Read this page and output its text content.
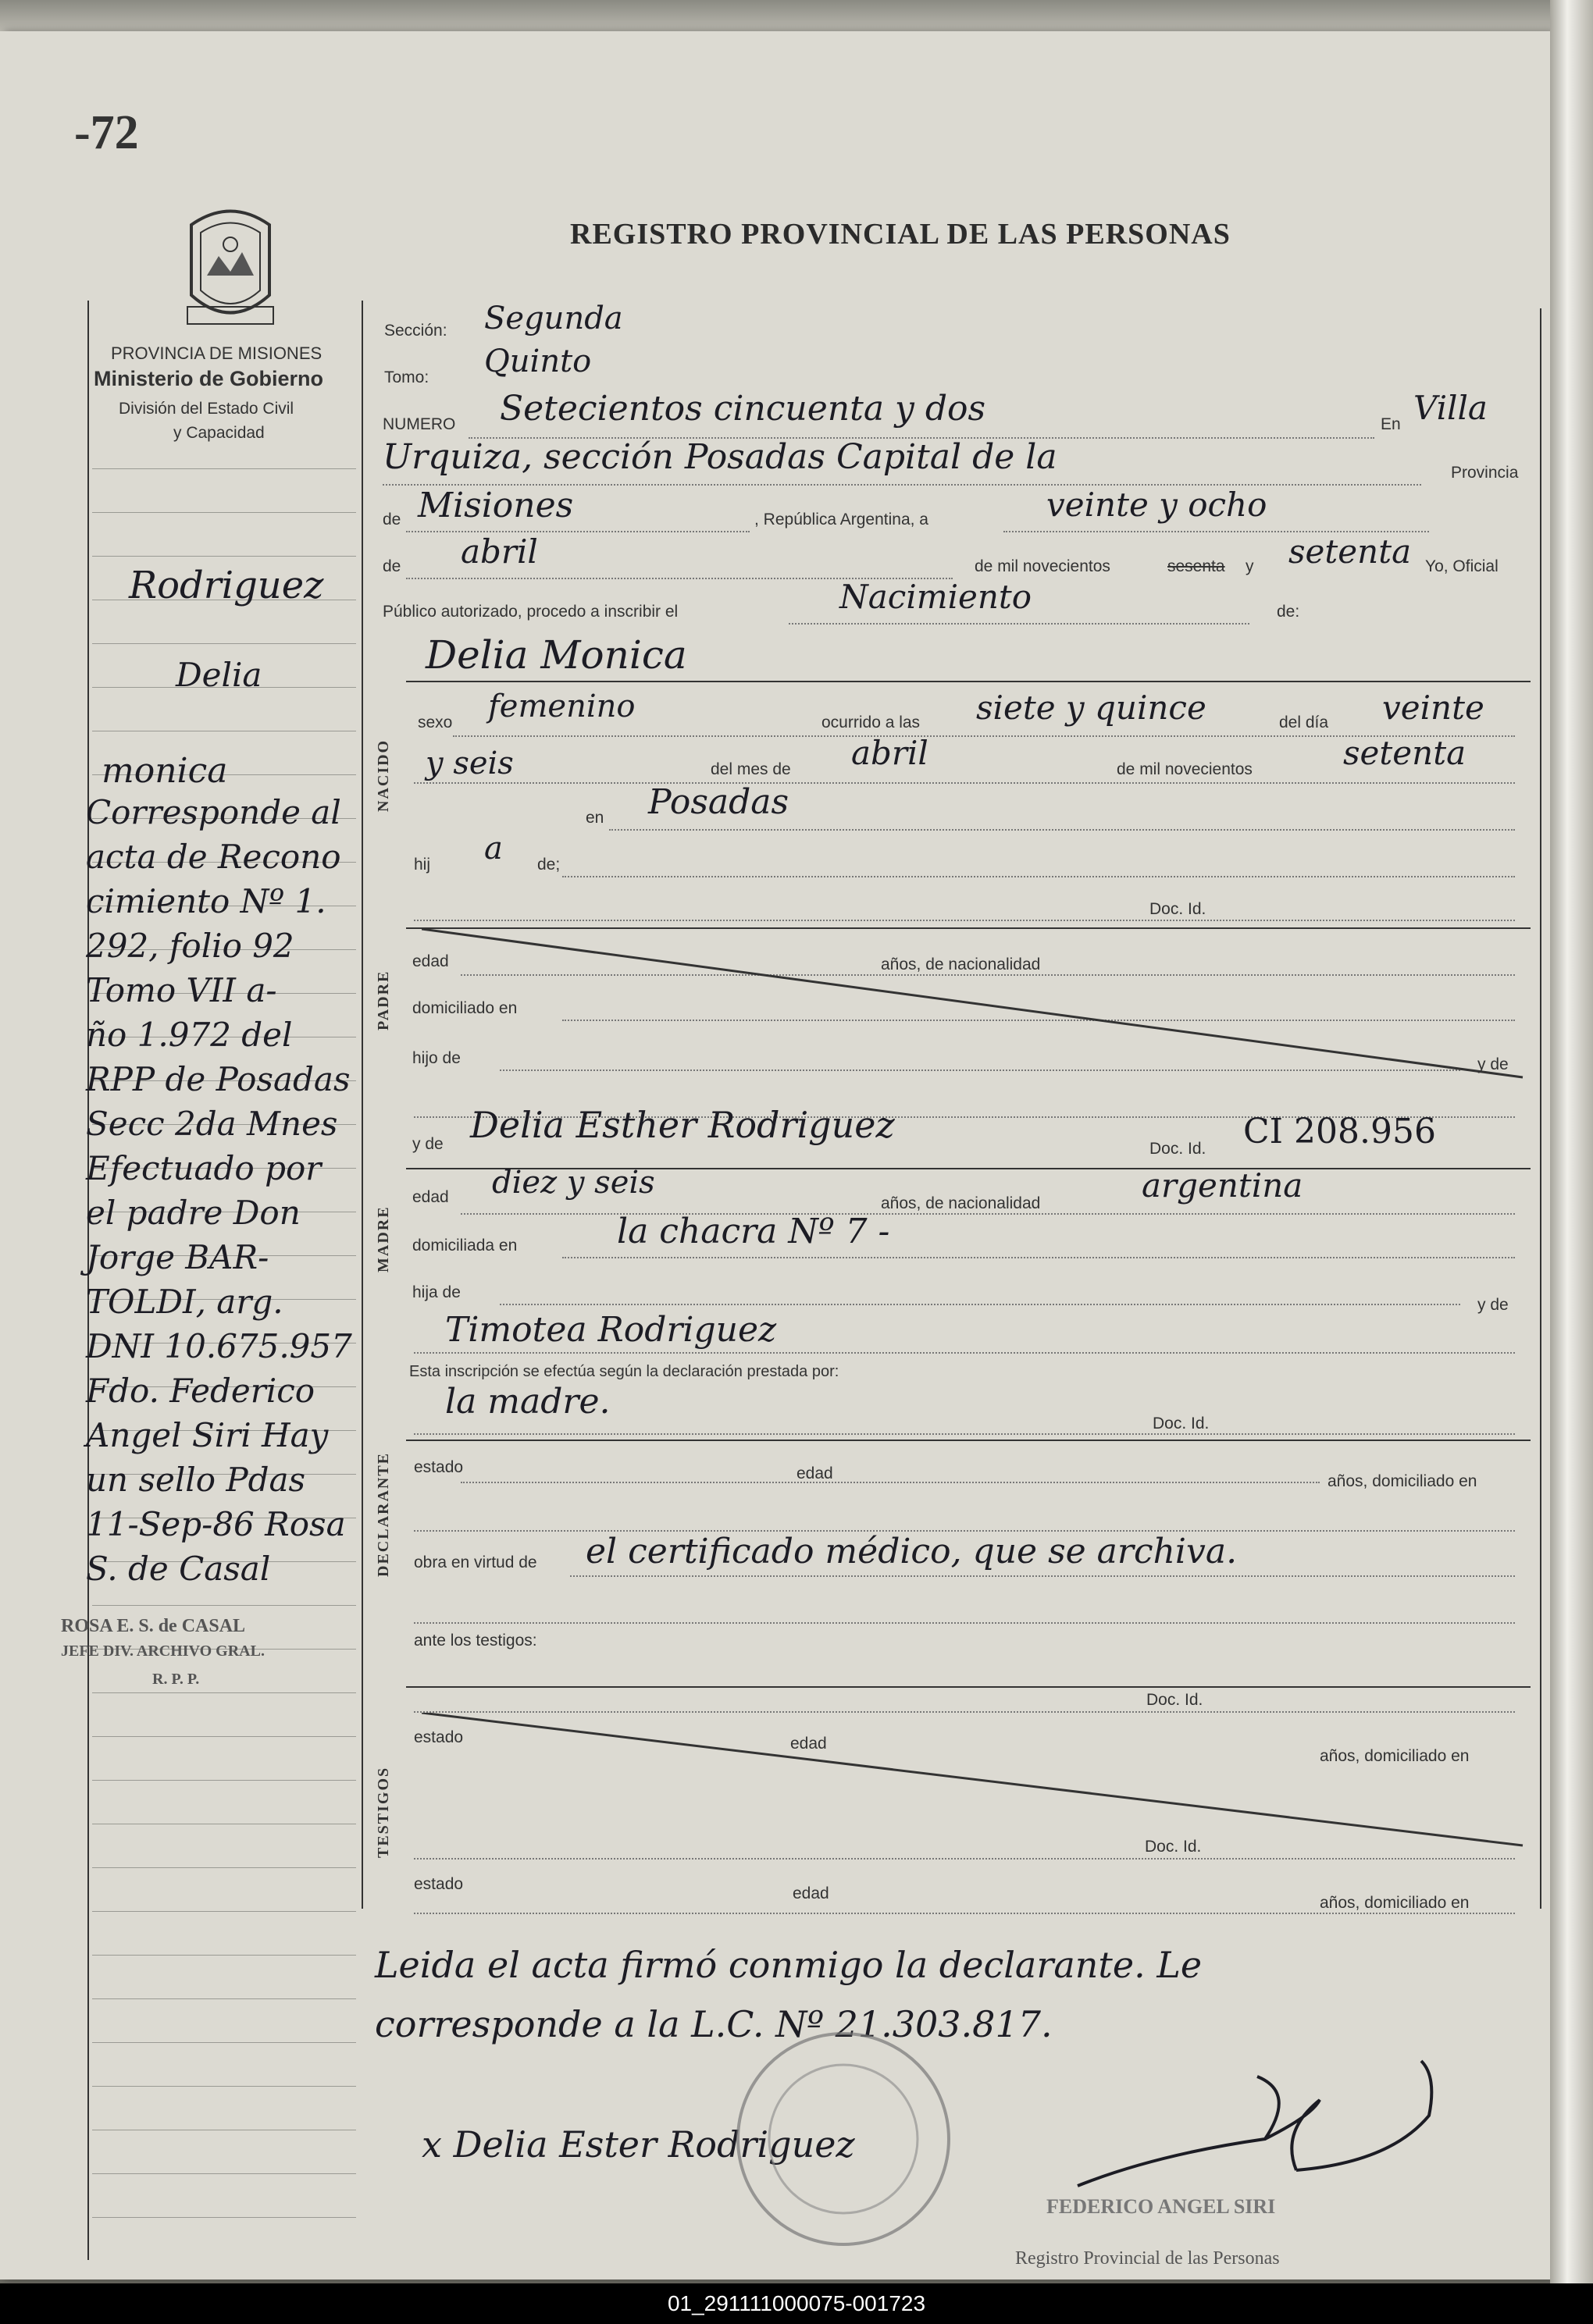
-72
REGISTRO PROVINCIAL DE LAS PERSONAS
PROVINCIA DE MISIONES
Ministerio de Gobierno
División del Estado Civil
y Capacidad
Rodriguez
Delia
monica
Corresponde al
acta de Recono
cimiento Nº 1.
292, folio 92
Tomo VII a-
ño 1.972 del
RPP de Posadas
Secc 2da Mnes
Efectuado por
el padre Don
Jorge BAR-
TOLDI, arg.
DNI 10.675.957
Fdo. Federico
Angel Siri Hay
un sello Pdas
11-Sep-86 Rosa
S. de Casal
ROSA E. S. de CASAL
JEFE DIV. ARCHIVO GRAL.
R. P. P.
Sección: Segunda
Tomo: Quinto
NUMERO Setecientos cincuenta y dos	En Villa
Urquiza, sección Posadas Capital de la	Provincia
de Misiones	, República Argentina, a	veinte y ocho
de abril	de mil novecientos	sesenta y setenta Yo, Oficial
Público autorizado, procedo a inscribir el	Nacimiento	de:
Delia Monica
NACIDO
sexo femenino	ocurrido a las siete y quince	del día veinte
y seis	del mes de abril	de mil novecientos	setenta
en Posadas
hij a de;
Doc. Id.
PADRE
edad	años, de nacionalidad
domiciliado en
hijo de	y de
y de Delia Esther Rodriguez
Doc. Id. CI 208.956
MADRE
edad diez y seis
años, de nacionalidad	argentina
domiciliada en	la chacra Nº 7 -
hija de
y de
Timotea Rodriguez
Esta inscripción se efectúa según la declaración prestada por:
la madre.
Doc. Id.
DECLARANTE estado	edad	años, domiciliado en
obra en virtud de el certificado médico, que se archiva.
ante los testigos:
Doc. Id.
TESTIGOS
estado	edad
años, domiciliado en
Doc. Id.
estado
edad
años, domiciliado en
Leida el acta firmó conmigo la declarante. Le
corresponde a la L.C. Nº 21.303.817.
x Delia Ester Rodriguez
FEDERICO ANGEL SIRI
Registro Provincial de las Personas
01_291111000075-001723
